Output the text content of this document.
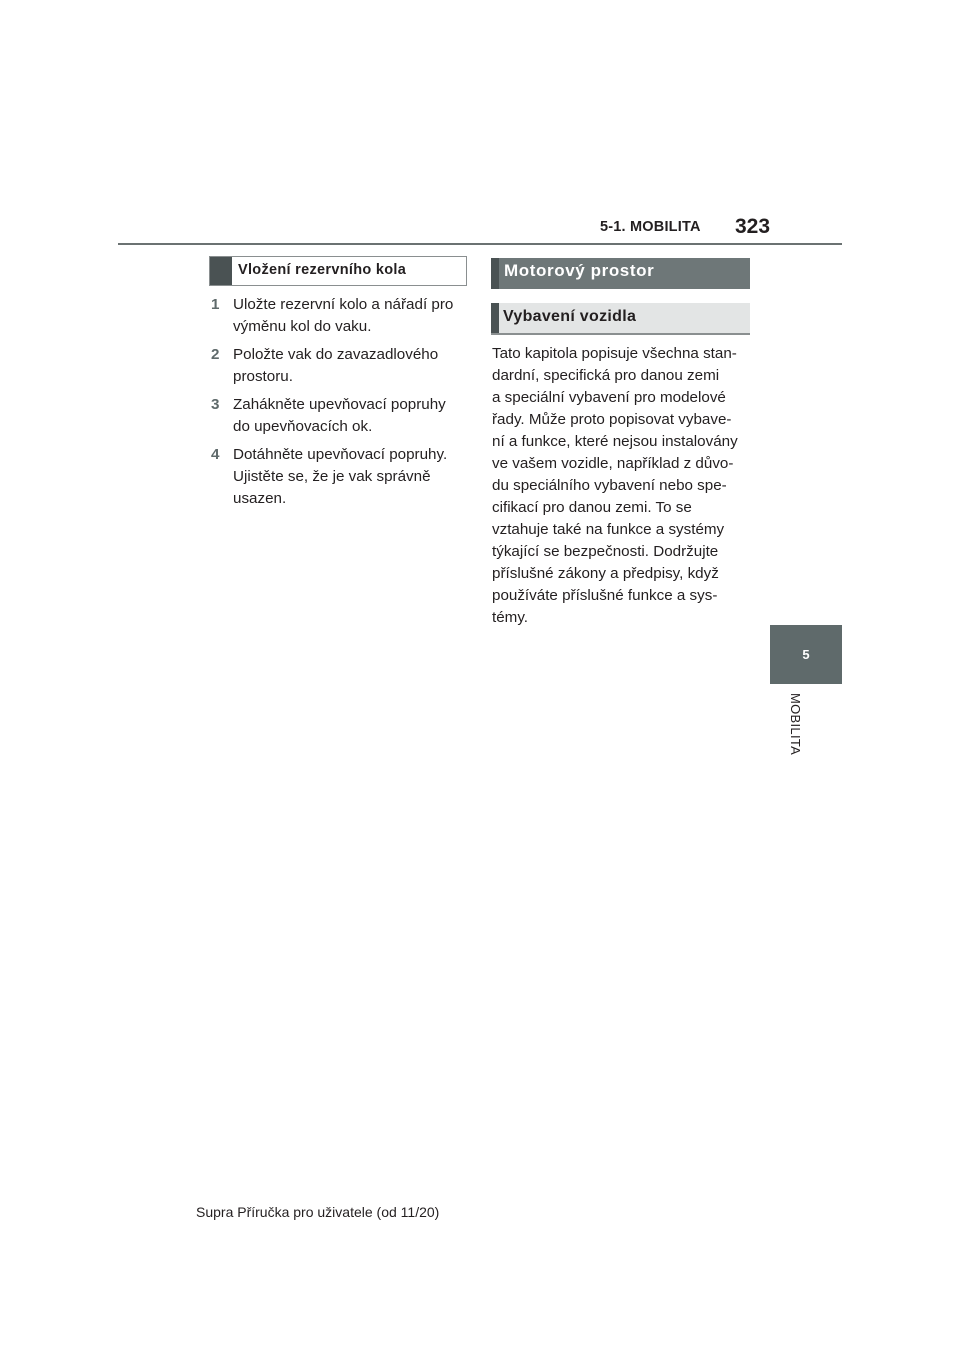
5-1. MOBILITA 323
5
MOBILITA
Vložení rezervního kola
1 Uložte rezervní kolo a nářadí pro
výměnu kol do vaku.
2 Položte vak do zavazadlového
prostoru.
3 Zahákněte upevňovací popruhy
do upevňovacích ok.
4 Dotáhněte upevňovací popruhy.
Ujistěte se, že je vak správně
usazen.
Motorový prostor
Vybavení vozidla

Tato kapitola popisuje všechna stan-
dardní, specifická pro danou zemi
a speciální vybavení pro modelové
řady. Může proto popisovat vybave-
ní a funkce, které nejsou instalovány
ve vašem vozidle, například z důvo-
du speciálního vybavení nebo spe-
cifikací pro danou zemi. To se
vztahuje také na funkce a systémy
týkající se bezpečnosti. Dodržujte
příslušné zákony a předpisy, když
používáte příslušné funkce a sys-
témy.

Supra Příručka pro uživatele (od 11/20)
